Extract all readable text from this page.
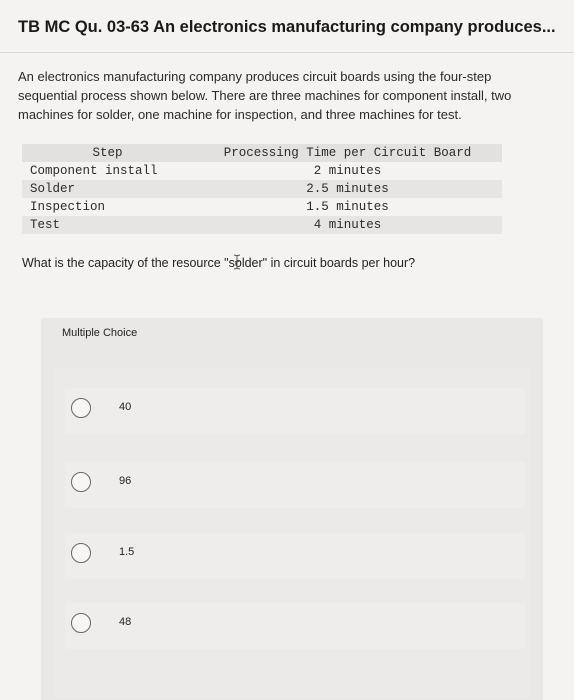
TB MC Qu. 03-63 An electronics manufacturing company produces...
An electronics manufacturing company produces circuit boards using the four-step sequential process shown below. There are three machines for component install, two machines for solder, one machine for inspection, and three machines for test.
Step	Processing Time per Circuit Board
Component install	2 minutes
Solder	2.5 minutes
Inspection	1.5 minutes
Test	4 minutes
What is the capacity of the resource "solder" in circuit boards per hour?
Multiple Choice
40
96
1.5
48
